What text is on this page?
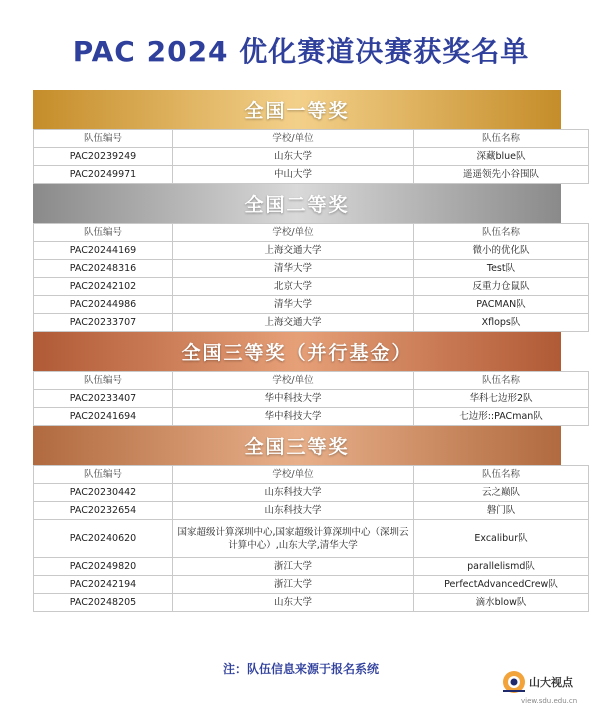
PAC 2024 优化赛道决赛获奖名单
全国一等奖
队伍编号	学校/单位	队伍名称
PAC20239249	山东大学	深藏blue队
PAC20249971	中山大学	遥遥领先小谷围队
全国二等奖
队伍编号	学校/单位	队伍名称
PAC20244169	上海交通大学	微小的优化队
PAC20248316	清华大学	Test队
PAC20242102	北京大学	反重力仓鼠队
PAC20244986	清华大学	PACMAN队
PAC20233707	上海交通大学	Xflops队
全国三等奖（并行基金）
队伍编号	学校/单位	队伍名称
PAC20233407	华中科技大学	华科七边形2队
PAC20241694	华中科技大学	七边形::PACman队
全国三等奖
队伍编号	学校/单位	队伍名称
PAC20230442	山东科技大学	云之巅队
PAC20232654	山东科技大学	磐门队
PAC20240620	国家超级计算深圳中心,国家超级计算深圳中心（深圳云计算中心）,山东大学,清华大学	Excalibur队
PAC20249820	浙江大学	parallelismd队
PAC20242194	浙江大学	PerfectAdvancedCrew队
PAC20248205	山东大学	滴水blow队
注：队伍信息来源于报名系统
山大视点
view.sdu.edu.cn
